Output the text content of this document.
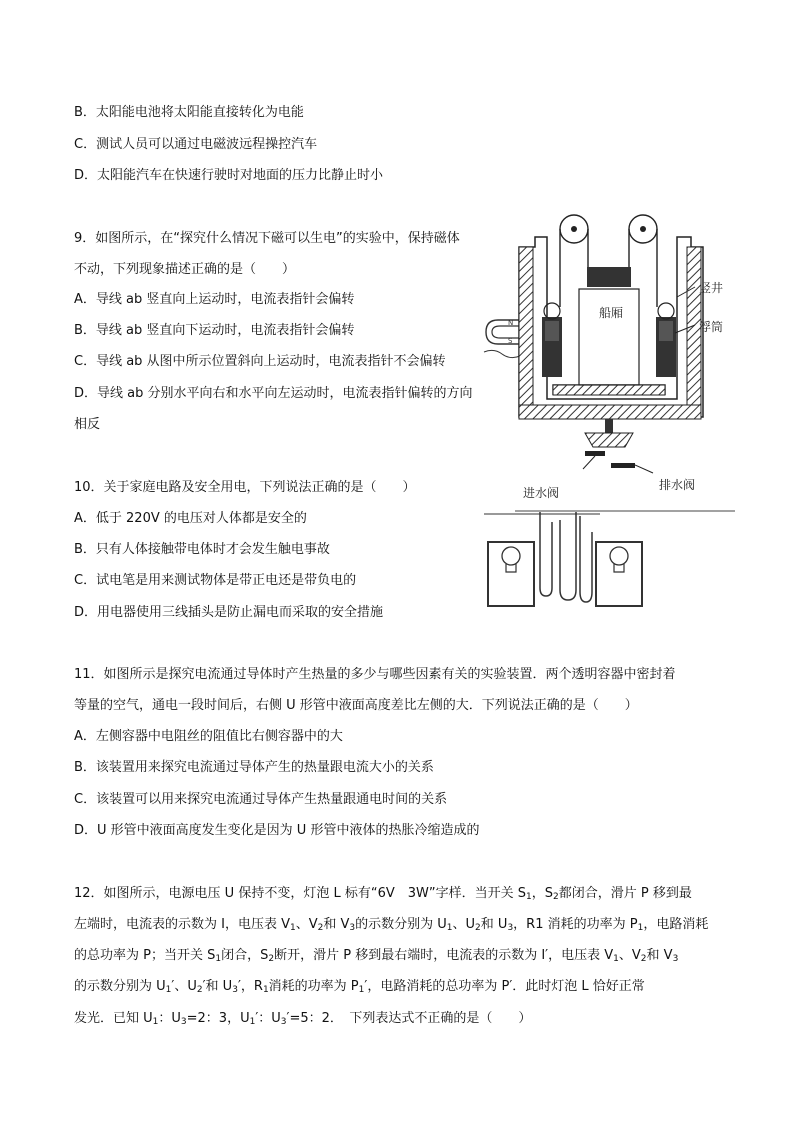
B．太阳能电池将太阳能直接转化为电能
C．测试人员可以通过电磁波远程操控汽车
D．太阳能汽车在快速行驶时对地面的压力比静止时小
9．如图所示，在“探究什么情况下磁可以生电”的实验中，保持磁体
不动，下列现象描述正确的是（　　）
A．导线 ab 竖直向上运动时，电流表指针会偏转
B．导线 ab 竖直向下运动时，电流表指针会偏转
C．导线 ab 从图中所示位置斜向上运动时，电流表指针不会偏转
D．导线 ab 分别水平向右和水平向左运动时，电流表指针偏转的方向
相反
N
S
船厢
竖井
浮筒
进水阀
排水阀
10．关于家庭电路及安全用电，下列说法正确的是（　　）
A．低于 220V 的电压对人体都是安全的
B．只有人体接触带电体时才会发生触电事故
C．试电笔是用来测试物体是带正电还是带负电的
D．用电器使用三线插头是防止漏电而采取的安全措施
11．如图所示是探究电流通过导体时产生热量的多少与哪些因素有关的实验装置．两个透明容器中密封着
等量的空气，通电一段时间后，右侧 U 形管中液面高度差比左侧的大．下列说法正确的是（　　）
A．左侧容器中电阻丝的阻值比右侧容器中的大
B．该装置用来探究电流通过导体产生的热量跟电流大小的关系
C．该装置可以用来探究电流通过导体产生热量跟通电时间的关系
D．U 形管中液面高度发生变化是因为 U 形管中液体的热胀冷缩造成的
12．如图所示，电源电压 U 保持不变，灯泡 L 标有“6V　3W”字样．当开关 $S_1$，$S_2$都闭合，滑片 P 移到最
左端时，电流表的示数为 I，电压表 $V_1$、$V_2$和 $V_3$的示数分别为 $U_1$、$U_2$和 $U_3$，R1 消耗的功率为 $P_1$，电路消耗
的总功率为 P；当开关 $S_1$闭合，$S_2$断开，滑片 P 移到最右端时，电流表的示数为 I′，电压表 $V_1$、$V_2$和 $V_3$
的示数分别为 $U_1'$、$U_2'$和 $U_3'$，$R_1$消耗的功率为 $P_1'$，电路消耗的总功率为 P′．此时灯泡 L 恰好正常
发光．已知 $U_1$：$U_3=2$：3，$U_1'$：$U_3'=5$：2．　下列表达式不正确的是（　　）
